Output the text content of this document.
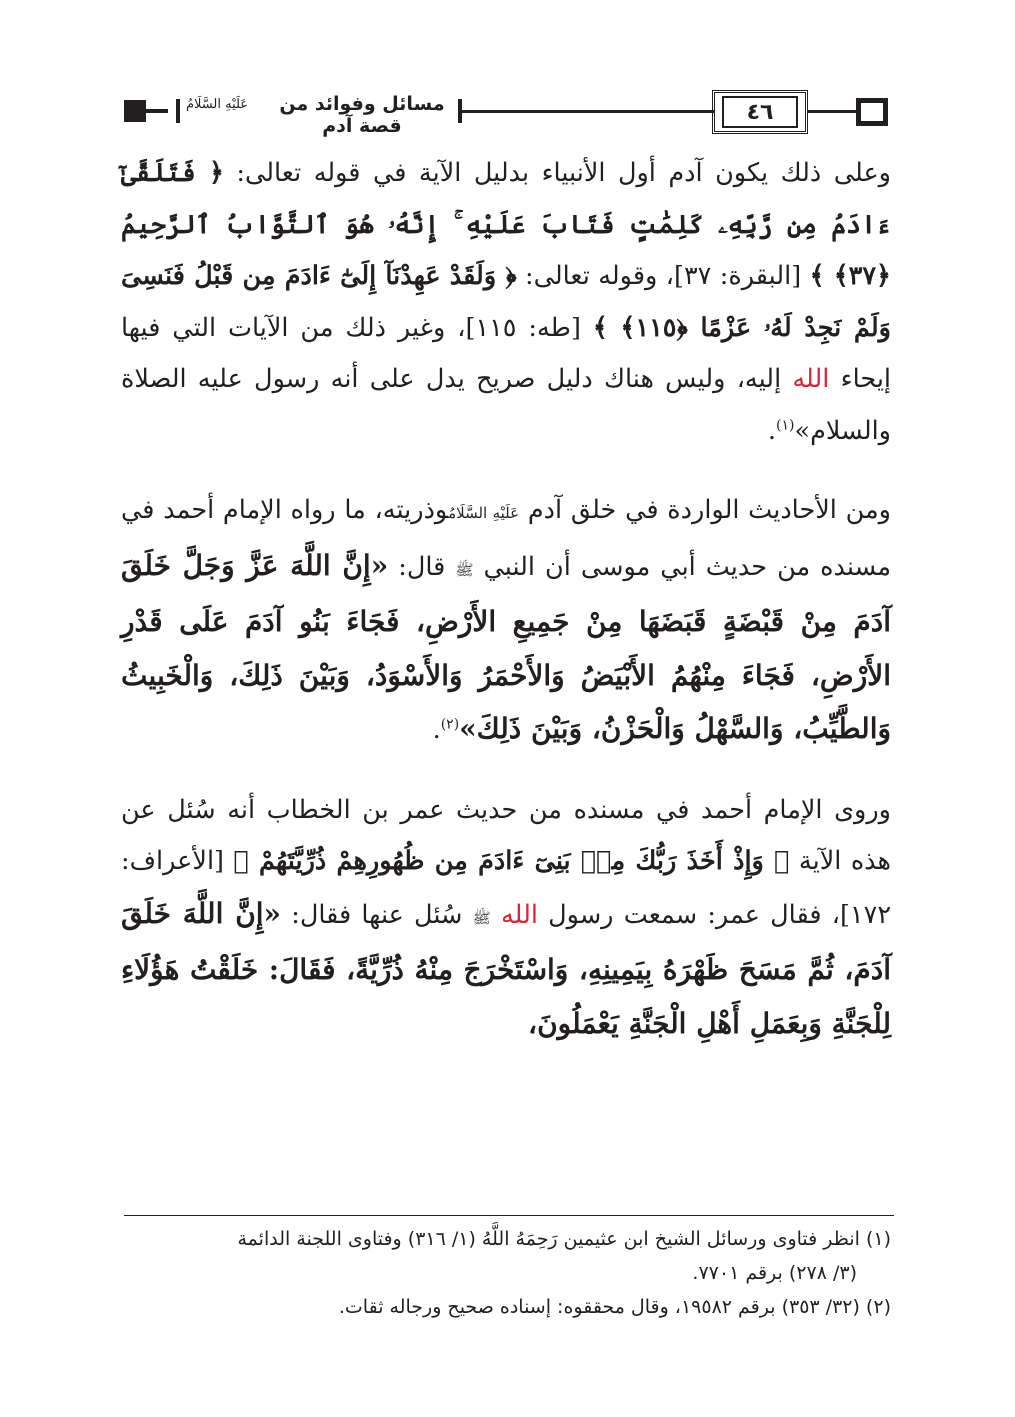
عَلَيْهِ السَّلَامُ	مسائل وفوائد من قصة آدم
٤٦

وعلى ذلك يكون آدم أول الأنبياء بدليل الآية في قوله تعالى: ﴿ فَتَلَقَّىٰٓ ءَادَمُ مِن رَّبِّهِۦ كَلِمَٰتٍ فَتَابَ عَلَيْهِ ۚ إِنَّهُۥ هُوَ ٱلتَّوَّابُ ٱلرَّحِيمُ ﴿٣٧﴾ ﴾ [البقرة: ٣٧]، وقوله تعالى: ﴿ وَلَقَدْ عَهِدْنَآ إِلَىٰٓ ءَادَمَ مِن قَبْلُ فَنَسِىَ وَلَمْ نَجِدْ لَهُۥ عَزْمًا ﴿١١٥﴾ ﴾ [طه: ١١٥]، وغير ذلك من الآيات التي فيها إيحاء الله إليه، وليس هناك دليل صريح يدل على أنه رسول عليه الصلاة والسلام»$^{(١)}$.

ومن الأحاديث الواردة في خلق آدم عَلَيْهِ السَّلَامُوذريته، ما رواه الإمام أحمد في مسنده من حديث أبي موسى أن النبي ﷺ قال: «إِنَّ اللَّهَ عَزَّ وَجَلَّ خَلَقَ آدَمَ مِنْ قَبْضَةٍ قَبَضَهَا مِنْ جَمِيعِ الأَرْضِ، فَجَاءَ بَنُو آدَمَ عَلَى قَدْرِ الأَرْضِ، فَجَاءَ مِنْهُمُ الأَبْيَضُ وَالأَحْمَرُ وَالأَسْوَدُ، وَبَيْنَ ذَلِكَ، وَالْخَبِيثُ وَالطَّيِّبُ، وَالسَّهْلُ وَالْحَزْنُ، وَبَيْنَ ذَلِكَ»$^{(٢)}$.

وروى الإمام أحمد في مسنده من حديث عمر بن الخطاب أنه سُئل عن هذه الآية ﴿ وَإِذْ أَخَذَ رَبُّكَ مِنۢ بَنِىٓ ءَادَمَ مِن ظُهُورِهِمْ ذُرِّيَّتَهُمْ ﴾ [الأعراف: ١٧٢]، فقال عمر: سمعت رسول الله ﷺ سُئل عنها فقال: «إِنَّ اللَّهَ خَلَقَ آدَمَ، ثُمَّ مَسَحَ ظَهْرَهُ بِيَمِينِهِ، وَاسْتَخْرَجَ مِنْهُ ذُرِّيَّةً، فَقَالَ: خَلَقْتُ هَؤُلَاءِ لِلْجَنَّةِ وَبِعَمَلِ أَهْلِ الْجَنَّةِ يَعْمَلُونَ،

(١) انظر فتاوى ورسائل الشيخ ابن عثيمين رَحِمَهُ اللَّهُ (١/ ٣١٦) وفتاوى اللجنة الدائمة

(٣/ ٢٧٨) برقم ٧٧٠١.

(٢) (٣٢/ ٣٥٣) برقم ١٩٥٨٢، وقال محققوه: إسناده صحيح ورجاله ثقات.
